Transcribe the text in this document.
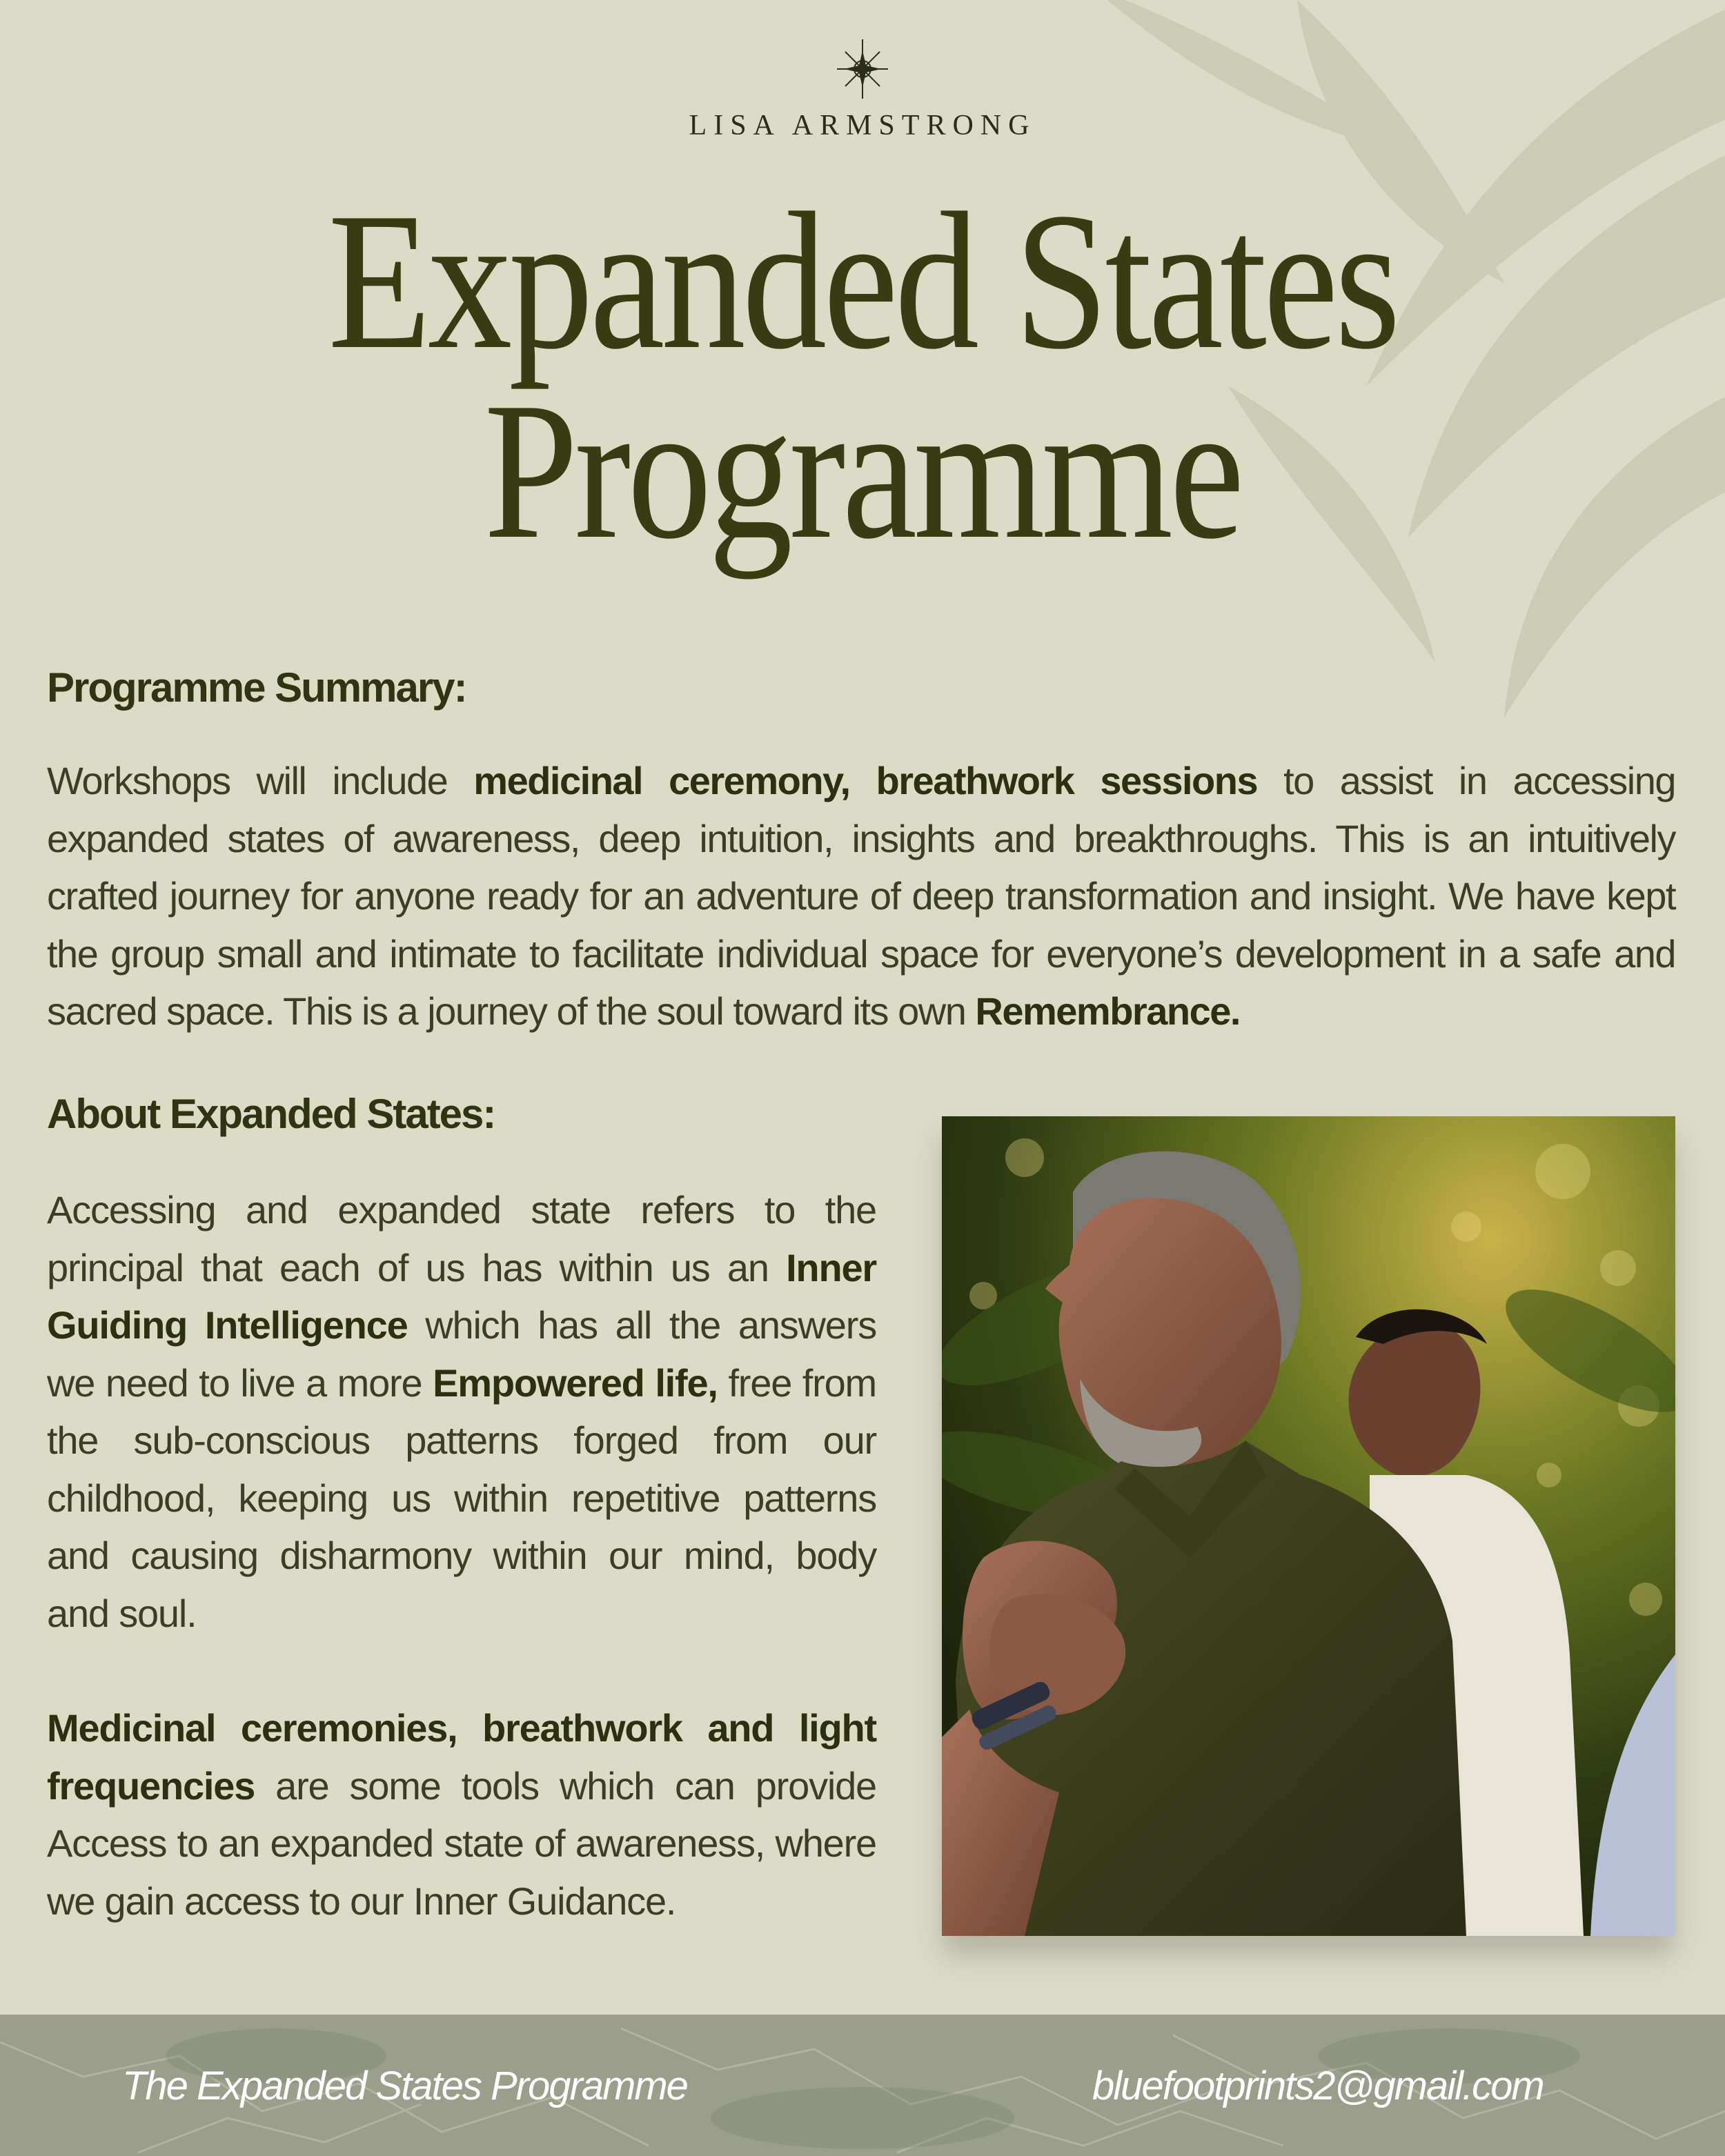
LISA ARMSTRONG
Expanded States
Programme
Programme Summary:

Workshops will include medicinal ceremony, breathwork sessions to assist in accessing expanded states of awareness, deep intuition, insights and breakthroughs. This is an intuitively crafted journey for anyone ready for an adventure of deep transformation and insight. We have kept the group small and intimate to facilitate individual space for everyone’s development in a safe and sacred space. This is a journey of the soul toward its own Remembrance.

About Expanded States:

Accessing and expanded state refers to the principal that each of us has within us an Inner Guiding Intelligence which has all the answers we need to live a more Empowered life, free from the sub-conscious patterns forged from our childhood, keeping us within repetitive patterns and causing disharmony within our mind, body and soul.

Medicinal ceremonies, breathwork and light frequencies are some tools which can provide Access to an expanded state of awareness, where we gain access to our Inner Guidance.

The Expanded States Programme	bluefootprints2@gmail.com
